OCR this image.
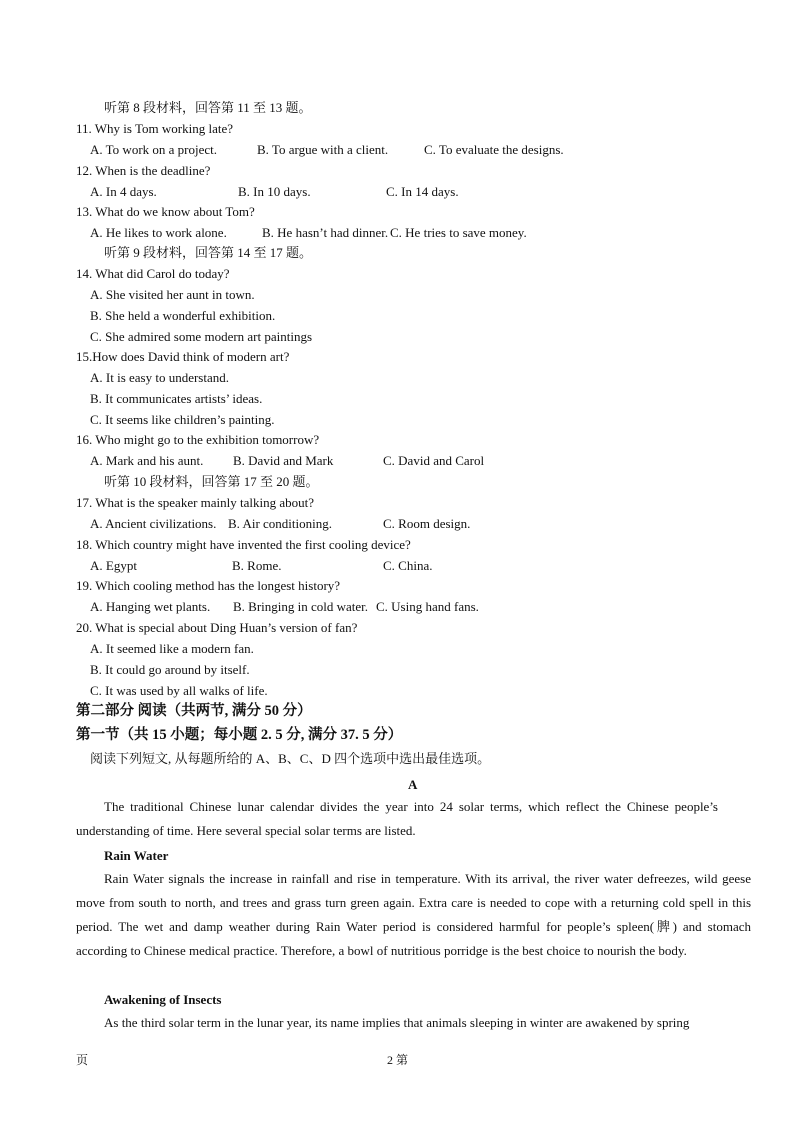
听第 8 段材料，回答第 11 至 13 题。
11. Why is Tom working late?
A. To work on a project.	B. To argue with a client.	C. To evaluate the designs.
12. When is the deadline?
A. In 4 days.	B. In 10 days.	C. In 14 days.
13. What do we know about Tom?
A. He likes to work alone.	B. He hasn’t had dinner. C. He tries to save money.
听第 9 段材料，回答第 14 至 17 题。
14. What did Carol do today?
A. She visited her aunt in town.
B. She held a wonderful exhibition.
C. She admired some modern art paintings
15.How does David think of modern art?
A. It is easy to understand.
B. It communicates artists’ ideas.
C. It seems like children’s painting.
16. Who might go to the exhibition tomorrow?
A. Mark and his aunt. B. David and Mark	C. David and Carol
听第 10 段材料，回答第 17 至 20 题。
17. What is the speaker mainly talking about?
A. Ancient civilizations. B. Air conditioning.	C. Room design.
18. Which country might have invented the first cooling device?
A. Egypt	B. Rome.	C. China.
19. Which cooling method has the longest history?
A. Hanging wet plants. B. Bringing in cold water. C. Using hand fans.
20. What is special about Ding Huan’s version of fan?
A. It seemed like a modern fan.
B. It could go around by itself.
C. It was used by all walks of life.
第二部分 阅读（共两节, 满分 50 分）
第一节（共 15 小题；每小题 2. 5 分, 满分 37. 5 分）
阅读下列短文, 从每题所给的 A、B、C、D 四个选项中选出最佳选项。
A
The traditional Chinese lunar calendar divides the year into 24 solar terms, which reflect the Chinese people’s understanding of time. Here several special solar terms are listed.
Rain Water
Rain Water signals the increase in rainfall and rise in temperature. With its arrival, the river water defreezes, wild geese move from south to north, and trees and grass turn green again. Extra care is needed to cope with a returning cold spell in this period. The wet and damp weather during Rain Water period is considered harmful for people’s spleen(脾) and stomach according to Chinese medical practice. Therefore, a bowl of nutritious porridge is the best choice to nourish the body.
Awakening of Insects
As the third solar term in the lunar year, its name implies that animals sleeping in winter are awakened by spring
页	2 第
